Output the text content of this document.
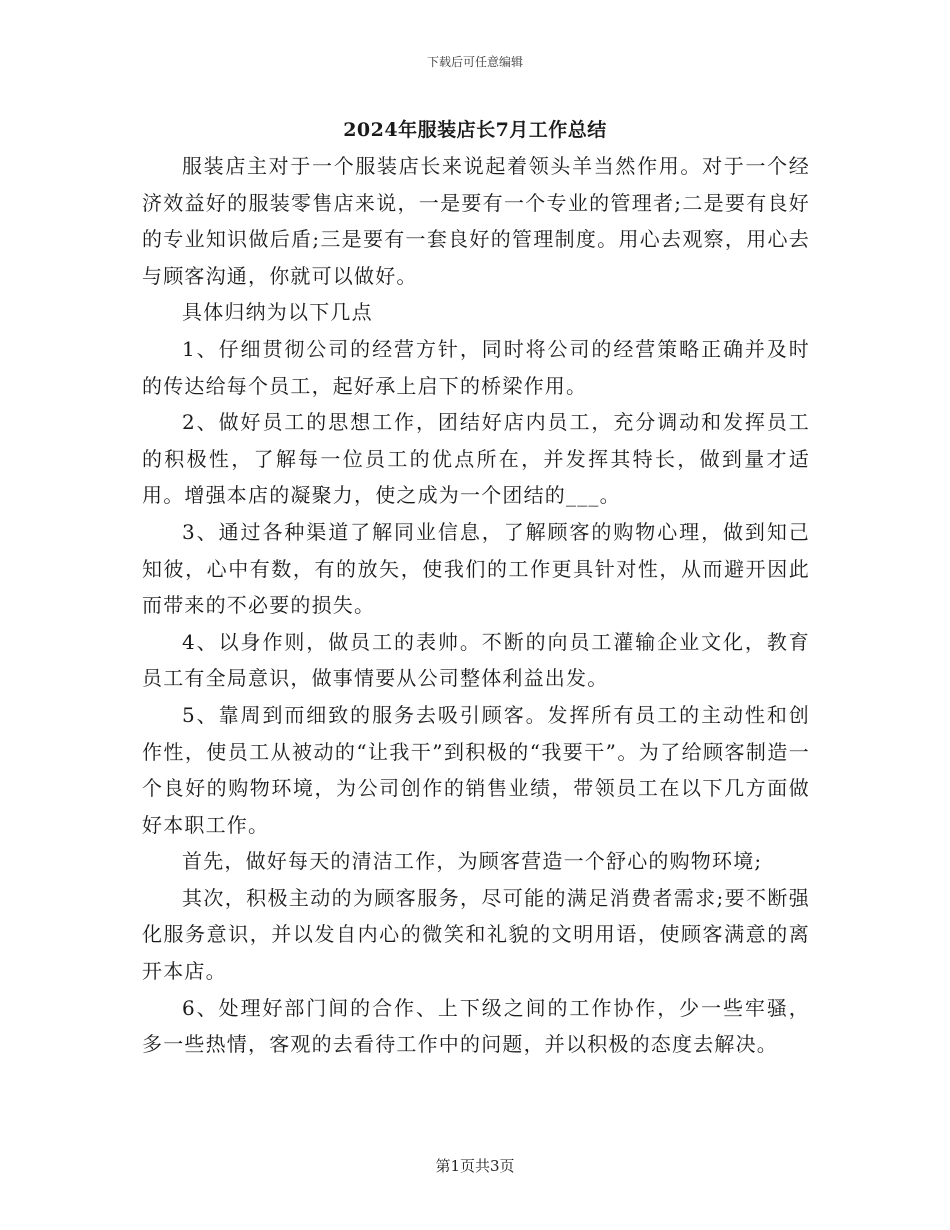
下载后可任意编辑
2024年服装店长7月工作总结

服装店主对于一个服装店长来说起着领头羊当然作用。对于一个经济效益好的服装零售店来说，一是要有一个专业的管理者;二是要有良好的专业知识做后盾;三是要有一套良好的管理制度。用心去观察，用心去与顾客沟通，你就可以做好。

具体归纳为以下几点

1、仔细贯彻公司的经营方针，同时将公司的经营策略正确并及时的传达给每个员工，起好承上启下的桥梁作用。

2、做好员工的思想工作，团结好店内员工，充分调动和发挥员工的积极性，了解每一位员工的优点所在，并发挥其特长，做到量才适用。增强本店的凝聚力，使之成为一个团结的___。

3、通过各种渠道了解同业信息，了解顾客的购物心理，做到知己知彼，心中有数，有的放矢，使我们的工作更具针对性，从而避开因此而带来的不必要的损失。

4、以身作则，做员工的表帅。不断的向员工灌输企业文化，教育员工有全局意识，做事情要从公司整体利益出发。

5、靠周到而细致的服务去吸引顾客。发挥所有员工的主动性和创作性，使员工从被动的“让我干”到积极的“我要干”。为了给顾客制造一个良好的购物环境，为公司创作的销售业绩，带领员工在以下几方面做好本职工作。

首先，做好每天的清洁工作，为顾客营造一个舒心的购物环境;

其次，积极主动的为顾客服务，尽可能的满足消费者需求;要不断强化服务意识，并以发自内心的微笑和礼貌的文明用语，使顾客满意的离开本店。

6、处理好部门间的合作、上下级之间的工作协作，少一些牢骚，多一些热情，客观的去看待工作中的问题，并以积极的态度去解决。

第1页共3页
